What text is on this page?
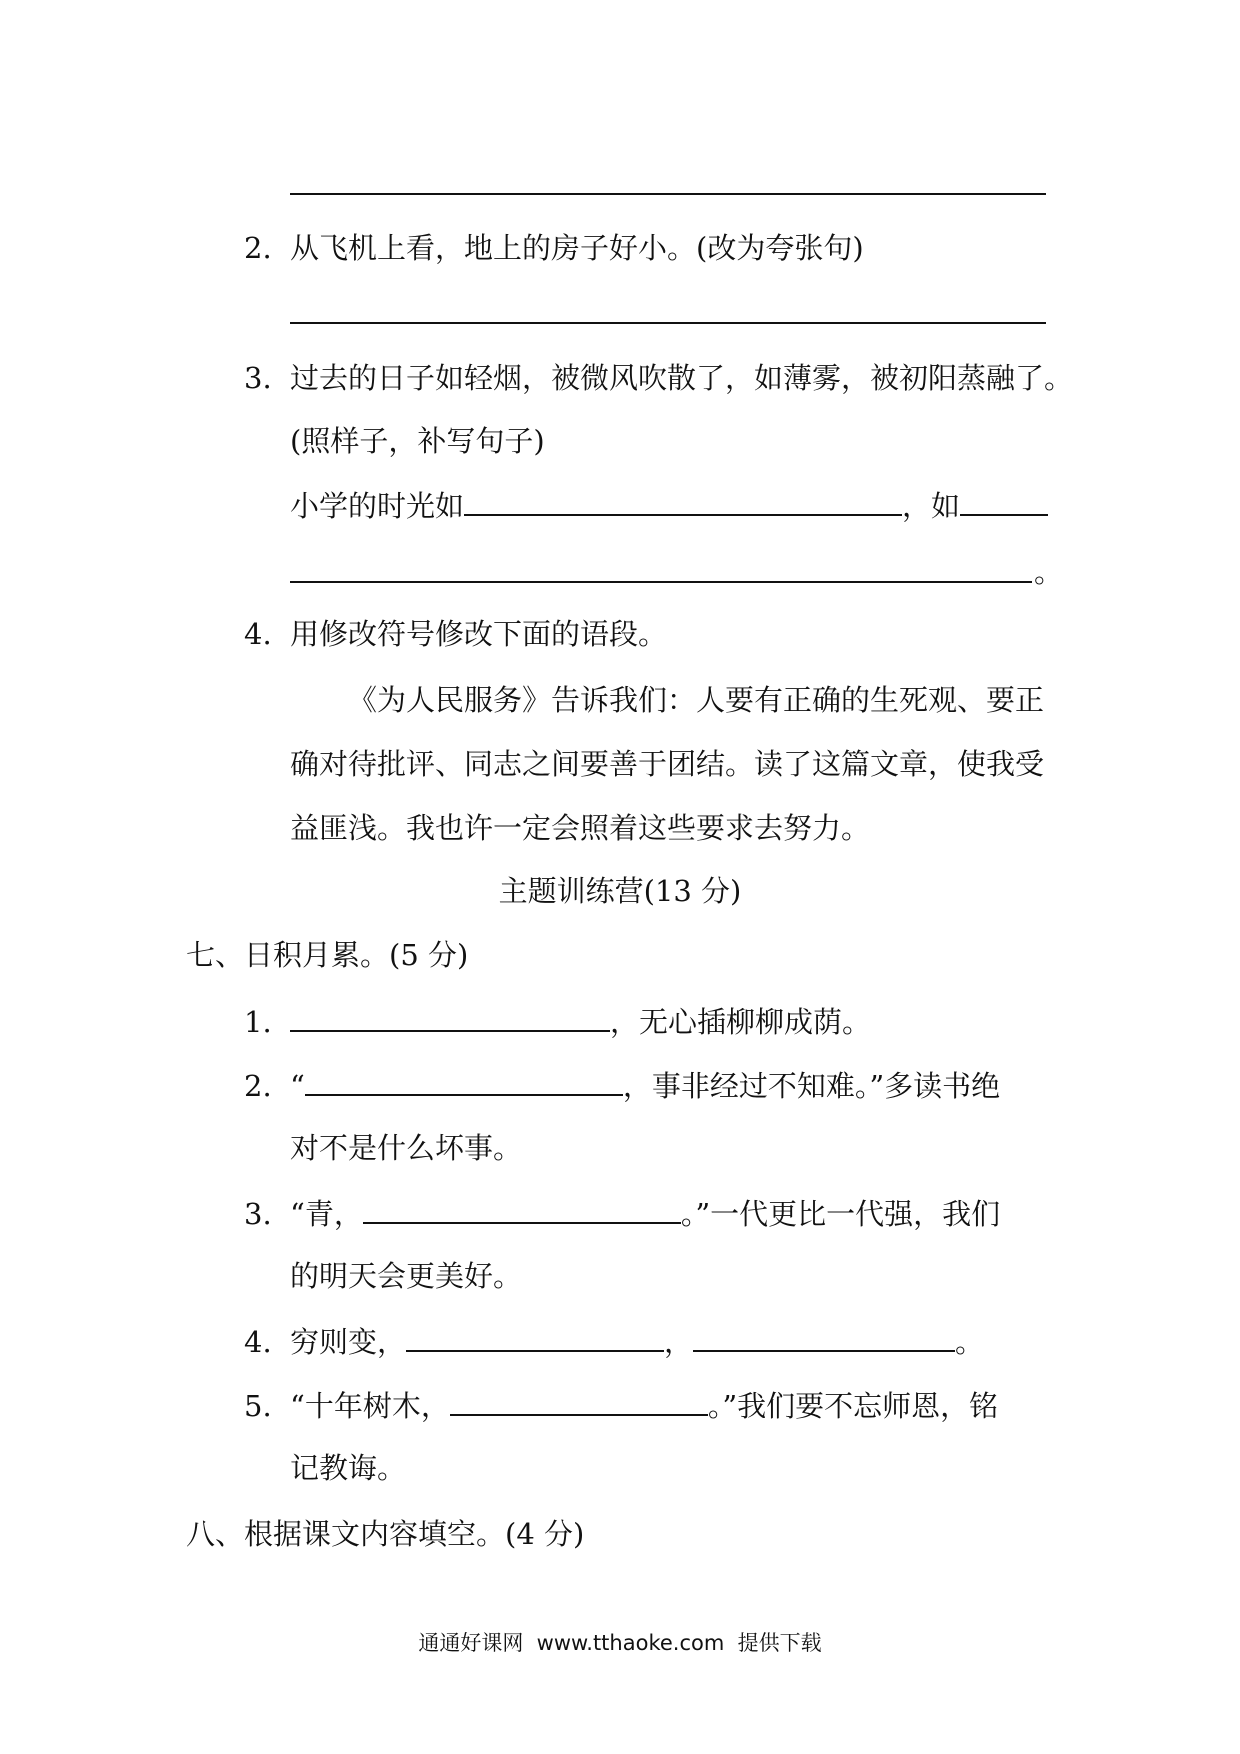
2. 从飞机上看，地上的房子好小。(改为夸张句)
3. 过去的日子如轻烟，被微风吹散了，如薄雾，被初阳蒸融了。
(照样子，补写句子)
小学的时光如	，如
。
4. 用修改符号修改下面的语段。
《为人民服务》告诉我们：人要有正确的生死观、要正
确对待批评、同志之间要善于团结。读了这篇文章，使我受
益匪浅。我也许一定会照着这些要求去努力。
主题训练营(13 分)
七、日积月累。(5 分)
1.	，无心插柳柳成荫。
2. “	，事非经过不知难。”多读书绝
对不是什么坏事。
3. “青，	。”一代更比一代强，我们
的明天会更美好。
4. 穷则变，	，	。
5. “十年树木，	。”我们要不忘师恩，铭
记教诲。
八、根据课文内容填空。(4 分)
通通好课网  www.tthaoke.com  提供下载
